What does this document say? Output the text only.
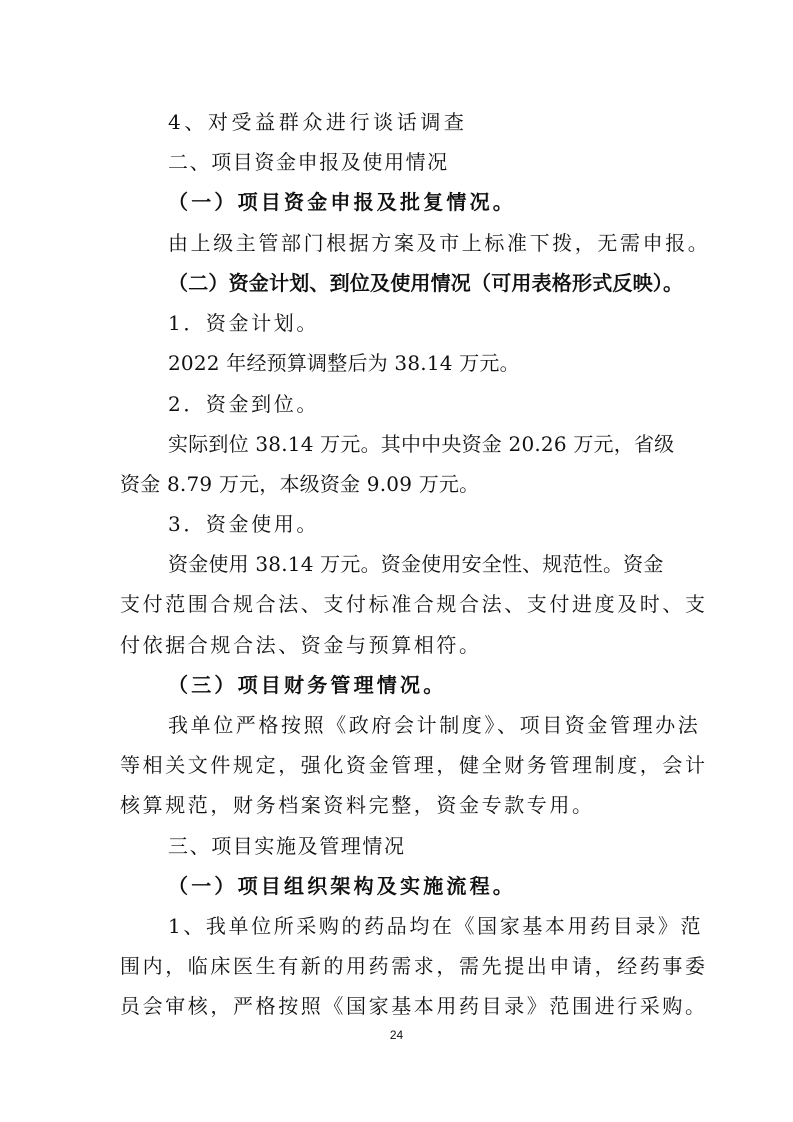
4、对受益群众进行谈话调查
二、项目资金申报及使用情况
（一）项目资金申报及批复情况。
由上级主管部门根据方案及市上标准下拨，无需申报。
（二）资金计划、到位及使用情况（可用表格形式反映）。
1．资金计划。
2022 年经预算调整后为 38.14 万元。
2．资金到位。
实际到位 38.14 万元。其中中央资金 20.26 万元，省级
资金 8.79 万元，本级资金 9.09 万元。
3．资金使用。
资金使用 38.14 万元。资金使用安全性、规范性。资金
支付范围合规合法、支付标准合规合法、支付进度及时、支
付依据合规合法、资金与预算相符。
（三）项目财务管理情况。
我单位严格按照《政府会计制度》、项目资金管理办法
等相关文件规定，强化资金管理，健全财务管理制度，会计
核算规范，财务档案资料完整，资金专款专用。
三、项目实施及管理情况
（一）项目组织架构及实施流程。
1、我单位所采购的药品均在《国家基本用药目录》范
围内，临床医生有新的用药需求，需先提出申请，经药事委
员会审核，严格按照《国家基本用药目录》范围进行采购。
24
